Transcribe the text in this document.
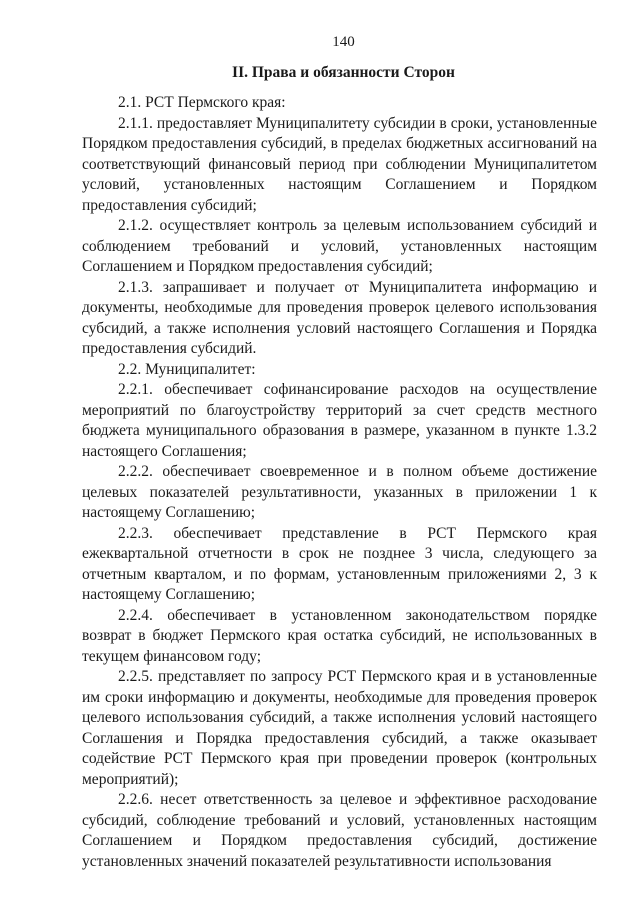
140
II. Права и обязанности Сторон

2.1. РСТ Пермского края:

2.1.1. предоставляет Муниципалитету субсидии в сроки, установленные Порядком предоставления субсидий, в пределах бюджетных ассигнований на соответствующий финансовый период при соблюдении Муниципалитетом условий, установленных настоящим Соглашением и Порядком предоставления субсидий;

2.1.2. осуществляет контроль за целевым использованием субсидий и соблюдением требований и условий, установленных настоящим Соглашением и Порядком предоставления субсидий;

2.1.3. запрашивает и получает от Муниципалитета информацию и документы, необходимые для проведения проверок целевого использования субсидий, а также исполнения условий настоящего Соглашения и Порядка предоставления субсидий.

2.2. Муниципалитет:

2.2.1. обеспечивает софинансирование расходов на осуществление мероприятий по благоустройству территорий за счет средств местного бюджета муниципального образования в размере, указанном в пункте 1.3.2 настоящего Соглашения;

2.2.2. обеспечивает своевременное и в полном объеме достижение целевых показателей результативности, указанных в приложении 1 к настоящему Соглашению;

2.2.3. обеспечивает представление в РСТ Пермского края ежеквартальной отчетности в срок не позднее 3 числа, следующего за отчетным кварталом, и по формам, установленным приложениями 2, 3 к настоящему Соглашению;

2.2.4. обеспечивает в установленном законодательством порядке возврат в бюджет Пермского края остатка субсидий, не использованных в текущем финансовом году;

2.2.5. представляет по запросу РСТ Пермского края и в установленные им сроки информацию и документы, необходимые для проведения проверок целевого использования субсидий, а также исполнения условий настоящего Соглашения и Порядка предоставления субсидий, а также оказывает содействие РСТ Пермского края при проведении проверок (контрольных мероприятий);

2.2.6. несет ответственность за целевое и эффективное расходование субсидий, соблюдение требований и условий, установленных настоящим Соглашением и Порядком предоставления субсидий, достижение установленных значений показателей результативности использования
